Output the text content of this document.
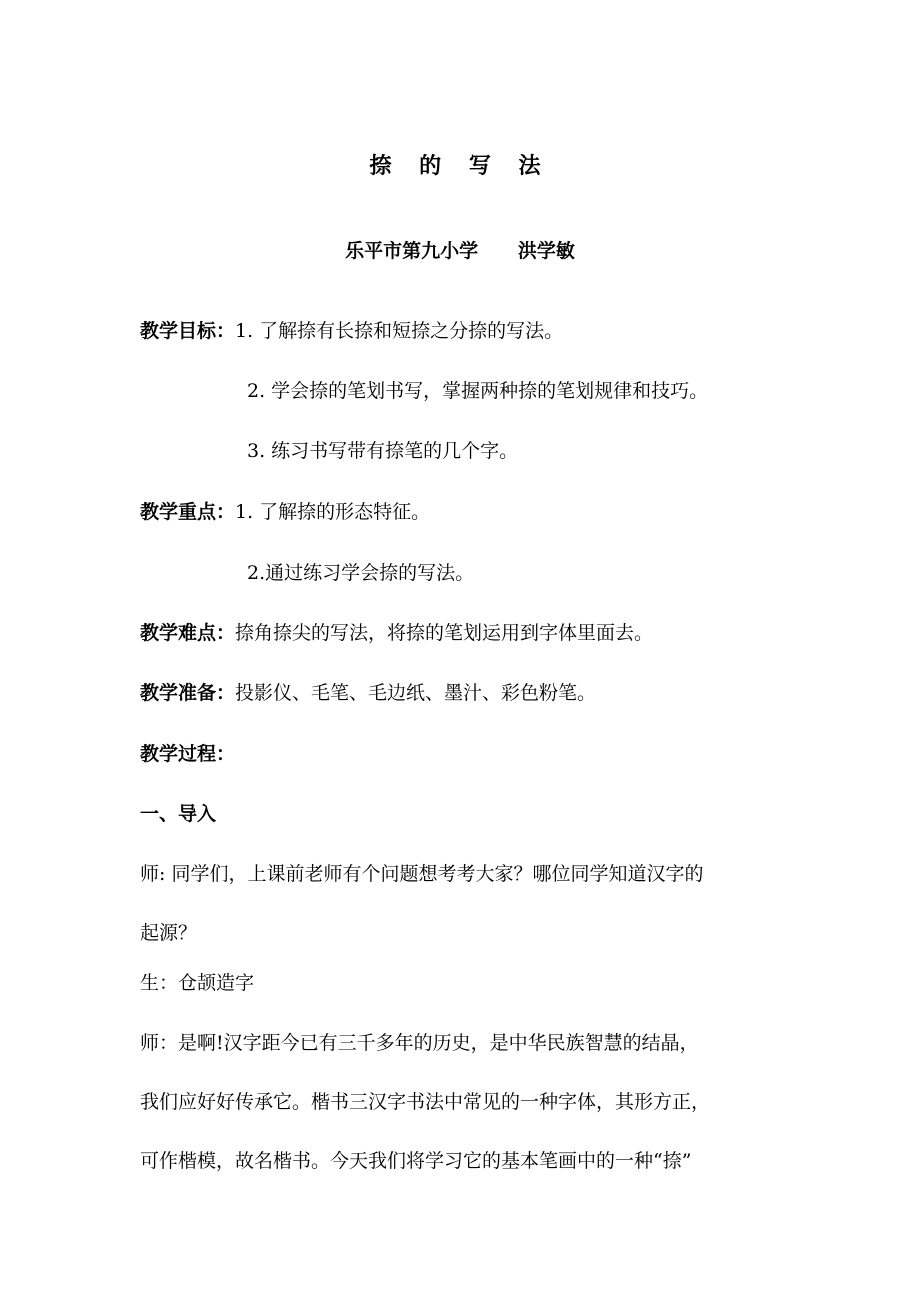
捺 的 写 法
乐平市第九小学      洪学敏
教学目标：1. 了解捺有长捺和短捺之分捺的写法。
2. 学会捺的笔划书写，掌握两种捺的笔划规律和技巧。
3. 练习书写带有捺笔的几个字。
教学重点：1. 了解捺的形态特征。
2.通过练习学会捺的写法。
教学难点：捺角捺尖的写法，将捺的笔划运用到字体里面去。
教学准备：投影仪、毛笔、毛边纸、墨汁、彩色粉笔。
教学过程：
一、导入
师: 同学们，上课前老师有个问题想考考大家？哪位同学知道汉字的
起源？
生：仓颉造字
师：是啊!汉字距今已有三千多年的历史，是中华民族智慧的结晶，
我们应好好传承它。楷书三汉字书法中常见的一种字体，其形方正，
可作楷模，故名楷书。今天我们将学习它的基本笔画中的一种“捺”
